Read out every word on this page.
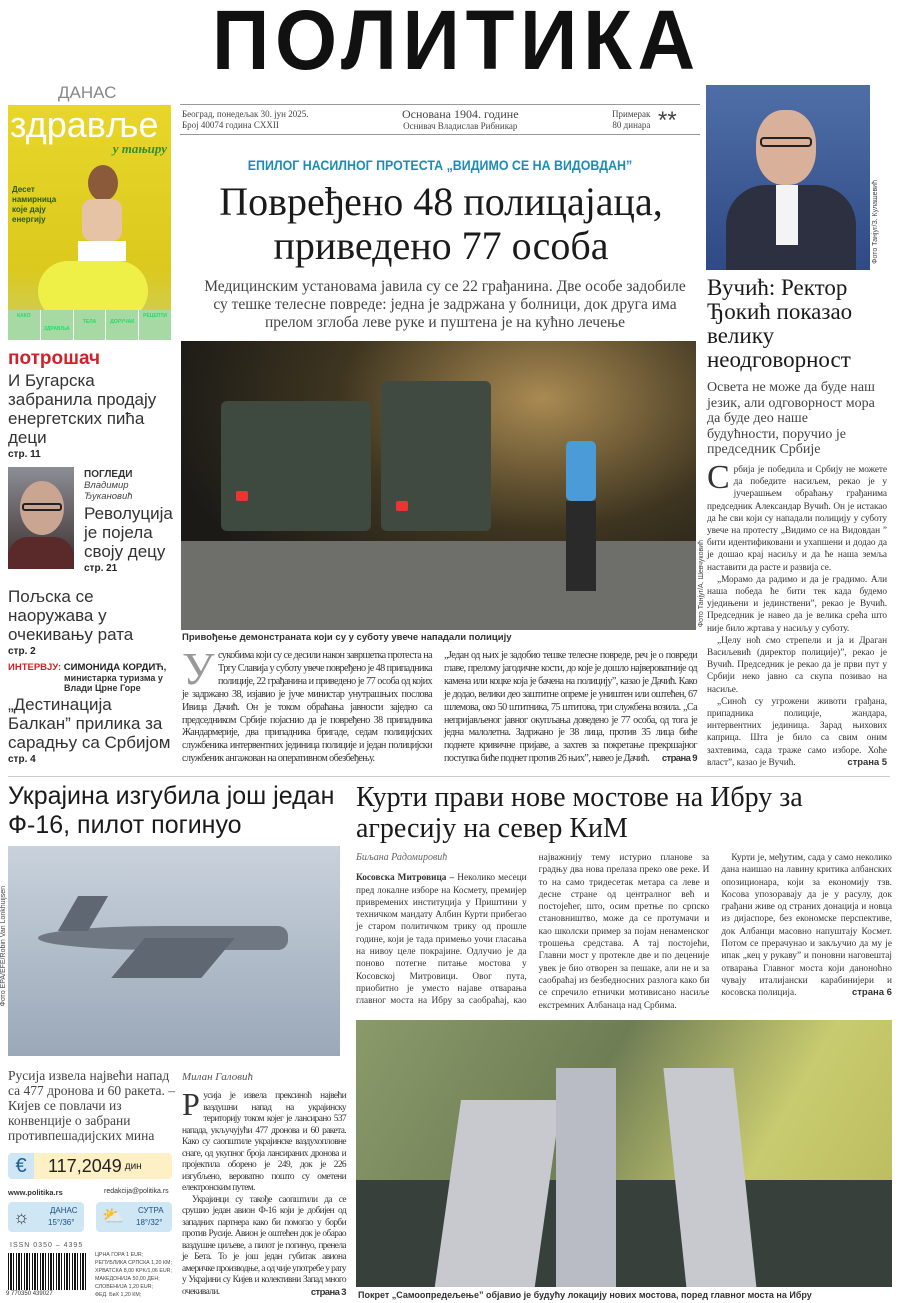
ПОЛИТИКА
ДАНАС
здравље
у тањиру
Десет намирница које дају енергију
КАКО
ЗДРАВЉА
ТЕЛА	ДОРУЧАК
РЕЦЕПТИ
Београд, понедељак 30. јун 2025.
Број 40074 година CXXII
Основана 1904. године
Оснивач Владислав Рибникар
Примерак
80 динара **
ЕПИЛОГ НАСИЛНОГ ПРОТЕСТА „ВИДИМО СЕ НА ВИДОВДАН”
Повређено 48 полицајаца, приведено 77 особа
Медицинским установама јавила су се 22 грађанина. Две особе задобиле су тешке телесне повреде: једна је задржана у болници, док друга има прелом зглоба леве руке и пуштена је на кућно лечење
Фото Танјуг/А. Шевчуковић
Привођење демонстраната који су у суботу увече нападали полицију
Усукобима који су се десили након завршетка протеста на Тргу Славија у суботу увече повређено је 48 припадника полиције, 22 грађанина и приведено је 77 особа од којих је задржано 38, изјавио је јуче министар унутрашњих послова Ивица Дачић. Он је током обраћања јавности заједно са председником Србије појаснио да је повређено 38 припадника Жандармерије, два припадника бригаде, седам полицијских службеника интервентних јединица полиције и један полицијски службеник ангажован на оперативном обезбеђењу.

„Један од њих је задобио тешке телесне повреде, реч је о повреди главе, прелому јагодичне кости, до које је дошло највероватније од камена или коцке која је бачена на полицију”, казао је Дачић. Како је додао, велики део заштитне опреме је уништен или оштећен, 67 шлемова, око 50 штитника, 75 штитова, три службена возила. „Са непријављеног јавног окупљања доведено је 77 особа, од тога је једна малолетна. Задржано је 38 лица, против 35 лица биће поднете кривичне пријаве, а захтев за покретање прекршајног поступка биће поднет против 26 њих”, навео је Дачић. страна 9
Фото Танјуг/З. Кулашевић
Вучић: Ректор Ђокић показао велику неодговорност
Освета не може да буде наш језик, али одговорност мора да буде део наше будућности, поручио је председник Србије

Србија је победила и Србију не можете да победите насиљем, рекао је у јучерашњем обраћању грађанима председник Александар Вучић. Он је истакао да ће сви који су нападали полицију у суботу увече на протесту „Видимо се на Видовдан ” бити идентификовани и ухапшени и додао да је дошао крај насиљу и да ће наша земља наставити да расте и развија се.

„Морамо да радимо и да је градимо. Али наша победа ће бити тек када будемо уједињени и јединствени”, рекао је Вучић. Председник је навео да је велика срећа што није било жртава у насиљу у суботу.

„Целу ноћ смо стрепели и ја и Драган Васиљевић (директор полиције)”, рекао је Вучић. Председник је рекао да је први пут у Србији неко јавно са скупа позивао на насиље.

„Синоћ су угрожени животи грађана, припадника полиције, жандара, интервентних јединица. Зарад њихових каприца. Шта је било са свим оним захтевима, сада траже само изборе. Хоће власт”, казао је Вучић.	страна 5

потрошач
И Бугарска забранила продају енергетских пића деци
стр. 11
ПОГЛЕДИ
Владимир Ђукановић
Револуција је појела своју децу
стр. 21
Пољска се наоружава у очекивању рата
стр. 2
ИНТЕРВЈУ: СИМОНИДА КОРДИЋ,
министарка туризма у Влади Црне Горе
„Дестинација Балкан” прилика за сарадњу са Србијом
стр. 4
Украјина изгубила још један Ф-16, пилот погинуо
Фото EPA/EFE/Robin Van Lonkhuijsen
Русија извела највећи напад са 477 дронова и 60 ракета. – Кијев се повлачи из конвенције о забрани противпешадијских мина
Милан Галовић

Русија је извела прексиноћ највећи ваздушни напад на украјинску територију током којег је лансирано 537 напада, укључујући 477 дронова и 60 ракета. Како су саопштиле украјинске ваздухопловне снаге, од укупног броја лансираних дронова и пројектила оборено је 249, док је 226 изгубљено, вероватно пошто су ометени електронским путем.

Украјинци су такође саопштили да се срушио један авион Ф-16 који је добијен од западних партнера како би помогао у борби против Русије. Авион је оштећен док је обарао ваздушне циљеве, а пилот је погинуо, пренела је Бета. То је још један губитак авиона америчке производње, а од чије употребе у рату у Украјини су Кијев и колективни Запад много очекивали.	страна 3

€	117,2049 дин
www.politika.rs	redakcija@politika.rs
☼	ДАНАС
15°/36° ⛅ СУТРА
18°/32°
ISSN 0350 – 4395
9 770350 439027
ЦРНА ГОРА 1 EUR;
РЕПУБЛИКА СРПСКА 1,20 КМ;
ХРВАТСКА 8,00 KPK/1,06 EUR;
МАКЕДОНИЈА 50,00 ДЕН;
СЛОВЕНИЈА 1,20 EUR;
ФЕД. БиХ 1,20 КМ;
Курти прави нове мостове на Ибру за агресију на север КиМ
Биљана Радомировић

Косовска Митровица – Неколико месеци пред локалне изборе на Космету, премијер привремених институција у Приштини у техничком мандату Албин Курти прибегао је старом политичком трику од прошле године, који је тада примењо уочи гласања на нивоу целе покрајине. Одлучио је да поново потегне питање мостова у Косовској Митровици. Овог пута, приобитно је уместо најаве отварања главног моста на Ибру за саобраћај, као најважнију тему истурио планове за градњу два нова прелаза преко ове реке. И то на само тридесетак метара са леве и десне стране од централног већ и постојећег, што, осим претње по српско становништво, може да се протумачи и као школски пример за појам ненаменског трошења средстава. А тај постојећи, Главни мост у протекле две и по деценије увек је био отворен за пешаке, али не и за саобраћај из безбедносних разлога како би се спречило етнички мотивисано насиље екстремних Албанаца над Србима.

Курти је, међутим, сада у само неколико дана наишао на лавину критика албанских опозиционара, који за економију тзв. Косова упозоравају да је у расулу, док грађани живе од страних донација и новца из дијаспоре, без економске перспективе, док Албанци масовно напуштају Космет. Потом се прерачунао и закључио да му је ипак „кец у рукаву” и поновни наговештај отварања Главног моста који даноноћно чувају италијански карабинијери и косовска полиција.	страна 6

Покрет „Самоопредељење” објавио је будућу локацију нових мостова, поред главног моста на Ибру
